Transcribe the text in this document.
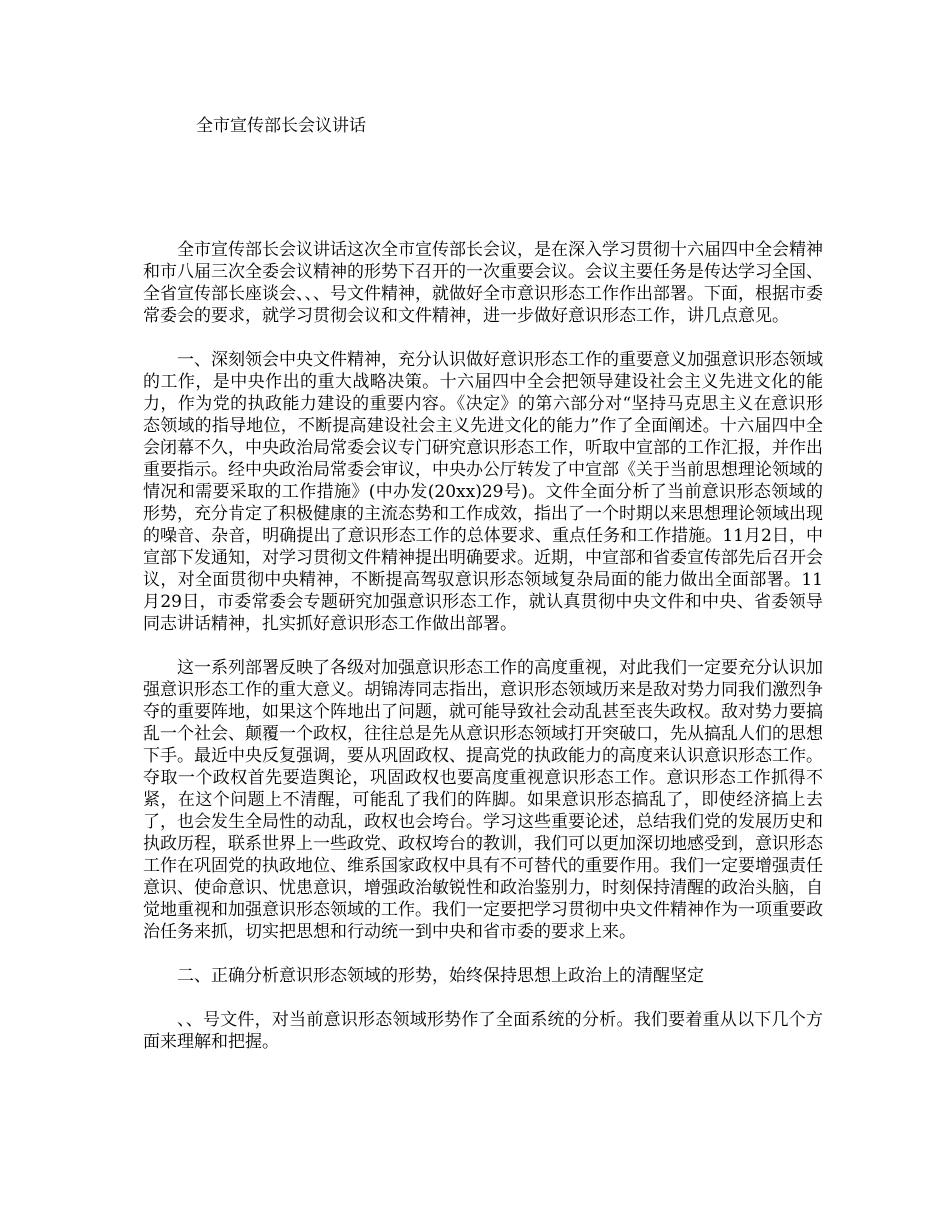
全市宣传部长会议讲话

全市宣传部长会议讲话这次全市宣传部长会议，是在深入学习贯彻十六届四中全会精神和市八届三次全委会议精神的形势下召开的一次重要会议。会议主要任务是传达学习全国、全省宣传部长座谈会、、、号文件精神，就做好全市意识形态工作作出部署。下面，根据市委常委会的要求，就学习贯彻会议和文件精神，进一步做好意识形态工作，讲几点意见。

一、深刻领会中央文件精神，充分认识做好意识形态工作的重要意义加强意识形态领域的工作，是中央作出的重大战略决策。十六届四中全会把领导建设社会主义先进文化的能力，作为党的执政能力建设的重要内容。《决定》的第六部分对“坚持马克思主义在意识形态领域的指导地位，不断提高建设社会主义先进文化的能力”作了全面阐述。十六届四中全会闭幕不久，中央政治局常委会议专门研究意识形态工作，听取中宣部的工作汇报，并作出重要指示。经中央政治局常委会审议，中央办公厅转发了中宣部《关于当前思想理论领域的情况和需要采取的工作措施》(中办发(20xx)29号)。文件全面分析了当前意识形态领域的形势，充分肯定了积极健康的主流态势和工作成效，指出了一个时期以来思想理论领域出现的噪音、杂音，明确提出了意识形态工作的总体要求、重点任务和工作措施。11月2日，中宣部下发通知，对学习贯彻文件精神提出明确要求。近期，中宣部和省委宣传部先后召开会议，对全面贯彻中央精神，不断提高驾驭意识形态领域复杂局面的能力做出全面部署。11月29日，市委常委会专题研究加强意识形态工作，就认真贯彻中央文件和中央、省委领导同志讲话精神，扎实抓好意识形态工作做出部署。

这一系列部署反映了各级对加强意识形态工作的高度重视，对此我们一定要充分认识加强意识形态工作的重大意义。胡锦涛同志指出，意识形态领域历来是敌对势力同我们激烈争夺的重要阵地，如果这个阵地出了问题，就可能导致社会动乱甚至丧失政权。敌对势力要搞乱一个社会、颠覆一个政权，往往总是先从意识形态领域打开突破口，先从搞乱人们的思想下手。最近中央反复强调，要从巩固政权、提高党的执政能力的高度来认识意识形态工作。夺取一个政权首先要造舆论，巩固政权也要高度重视意识形态工作。意识形态工作抓得不紧，在这个问题上不清醒，可能乱了我们的阵脚。如果意识形态搞乱了，即使经济搞上去了，也会发生全局性的动乱，政权也会垮台。学习这些重要论述，总结我们党的发展历史和执政历程，联系世界上一些政党、政权垮台的教训，我们可以更加深切地感受到，意识形态工作在巩固党的执政地位、维系国家政权中具有不可替代的重要作用。我们一定要增强责任意识、使命意识、忧患意识，增强政治敏锐性和政治鉴别力，时刻保持清醒的政治头脑，自觉地重视和加强意识形态领域的工作。我们一定要把学习贯彻中央文件精神作为一项重要政治任务来抓，切实把思想和行动统一到中央和省市委的要求上来。

二、正确分析意识形态领域的形势，始终保持思想上政治上的清醒坚定

、、号文件，对当前意识形态领域形势作了全面系统的分析。我们要着重从以下几个方面来理解和把握。
